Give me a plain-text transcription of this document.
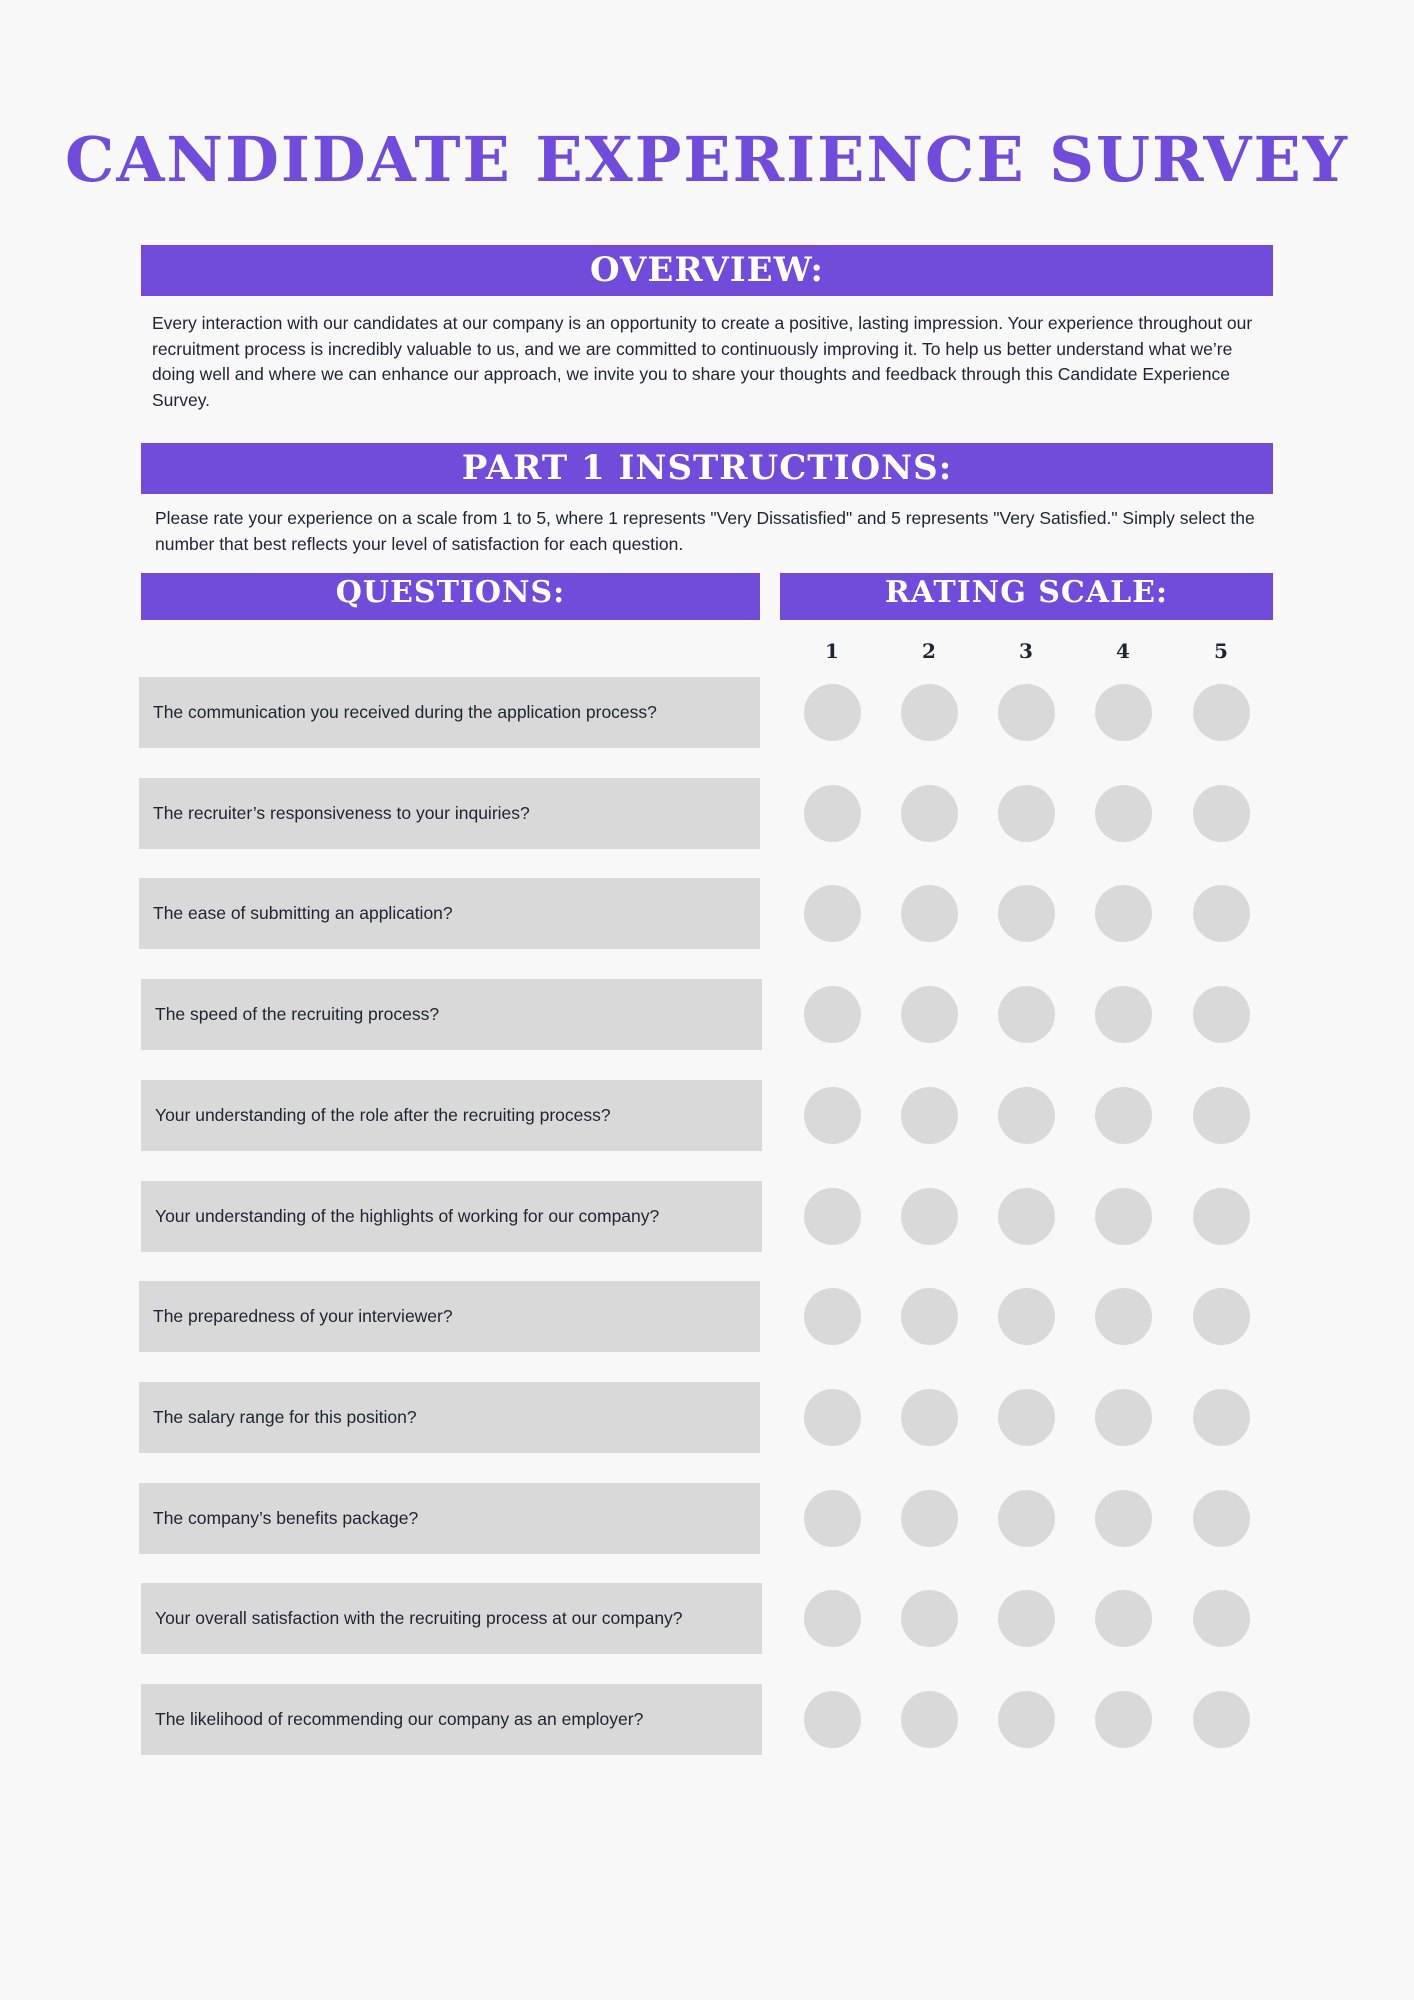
CANDIDATE EXPERIENCE SURVEY
OVERVIEW:
Every interaction with our candidates at our company is an opportunity to create a positive, lasting impression. Your experience throughout our recruitment process is incredibly valuable to us, and we are committed to continuously improving it. To help us better understand what we’re doing well and where we can enhance our approach, we invite you to share your thoughts and feedback through this Candidate Experience Survey.
PART 1 INSTRUCTIONS:
Please rate your experience on a scale from 1 to 5, where 1 represents "Very Dissatisfied" and 5 represents "Very Satisfied." Simply select the number that best reflects your level of satisfaction for each question.
QUESTIONS:	RATING SCALE:
1	2	3	4	5
The communication you received during the application process?
The recruiter’s responsiveness to your inquiries?
The ease of submitting an application?
The speed of the recruiting process?
Your understanding of the role after the recruiting process?
Your understanding of the highlights of working for our company?
The preparedness of your interviewer?
The salary range for this position?
The company’s benefits package?
Your overall satisfaction with the recruiting process at our company?
The likelihood of recommending our company as an employer?
